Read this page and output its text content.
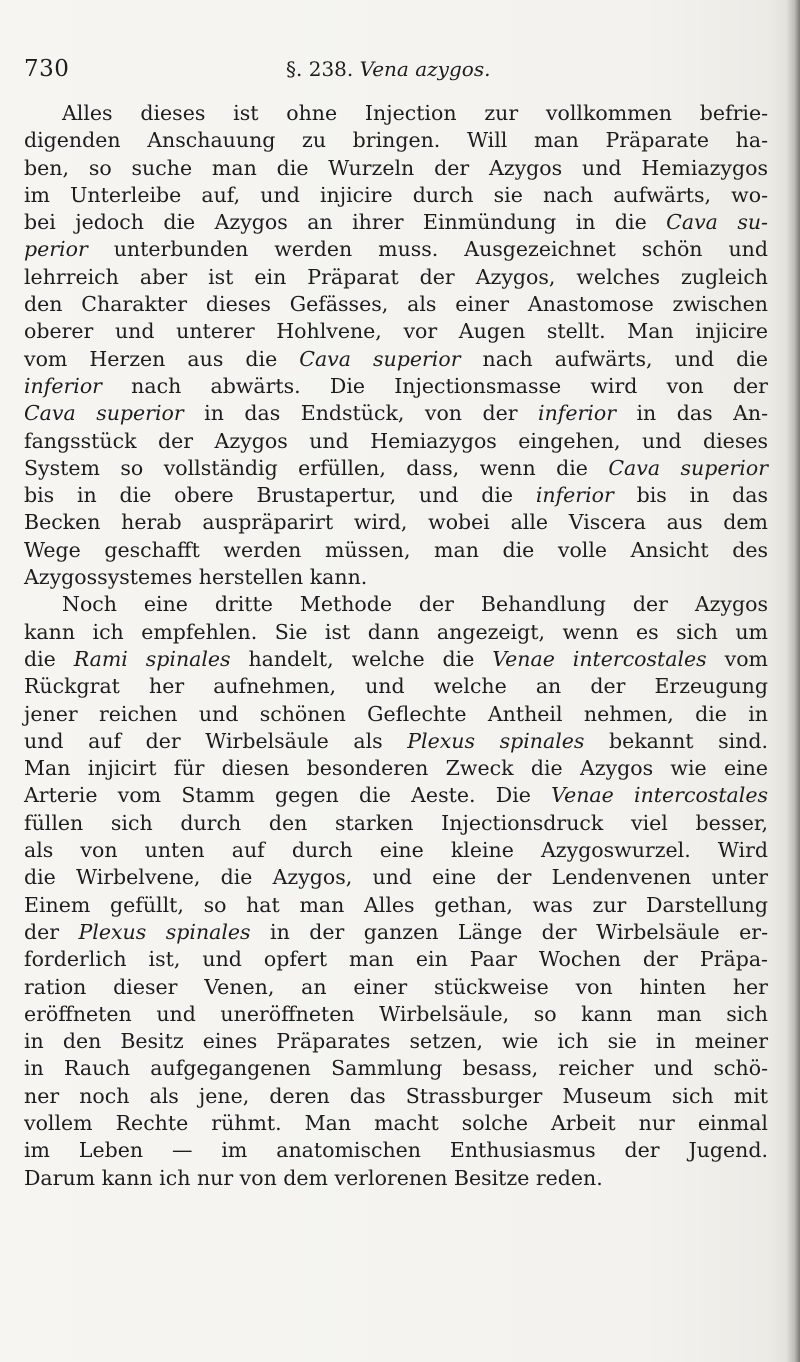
730	§. 238. Vena azygos.
Alles dieses ist ohne Injection zur vollkommen befrie-
digenden Anschauung zu bringen. Will man Präparate ha-
ben, so suche man die Wurzeln der Azygos und Hemiazygos
im Unterleibe auf, und injicire durch sie nach aufwärts, wo-
bei jedoch die Azygos an ihrer Einmündung in die Cava su-
perior unterbunden werden muss. Ausgezeichnet schön und
lehrreich aber ist ein Präparat der Azygos, welches zugleich
den Charakter dieses Gefässes, als einer Anastomose zwischen
oberer und unterer Hohlvene, vor Augen stellt. Man injicire
vom Herzen aus die Cava superior nach aufwärts, und die
inferior nach abwärts. Die Injectionsmasse wird von der
Cava superior in das Endstück, von der inferior in das An-
fangsstück der Azygos und Hemiazygos eingehen, und dieses
System so vollständig erfüllen, dass, wenn die Cava superior
bis in die obere Brustapertur, und die inferior bis in das
Becken herab auspräparirt wird, wobei alle Viscera aus dem
Wege geschafft werden müssen, man die volle Ansicht des
Azygossystemes herstellen kann.
Noch eine dritte Methode der Behandlung der Azygos
kann ich empfehlen. Sie ist dann angezeigt, wenn es sich um
die Rami spinales handelt, welche die Venae intercostales vom
Rückgrat her aufnehmen, und welche an der Erzeugung
jener reichen und schönen Geflechte Antheil nehmen, die in
und auf der Wirbelsäule als Plexus spinales bekannt sind.
Man injicirt für diesen besonderen Zweck die Azygos wie eine
Arterie vom Stamm gegen die Aeste. Die Venae intercostales
füllen sich durch den starken Injectionsdruck viel besser,
als von unten auf durch eine kleine Azygoswurzel. Wird
die Wirbelvene, die Azygos, und eine der Lendenvenen unter
Einem gefüllt, so hat man Alles gethan, was zur Darstellung
der Plexus spinales in der ganzen Länge der Wirbelsäule er-
forderlich ist, und opfert man ein Paar Wochen der Präpa-
ration dieser Venen, an einer stückweise von hinten her
eröffneten und uneröffneten Wirbelsäule, so kann man sich
in den Besitz eines Präparates setzen, wie ich sie in meiner
in Rauch aufgegangenen Sammlung besass, reicher und schö-
ner noch als jene, deren das Strassburger Museum sich mit
vollem Rechte rühmt. Man macht solche Arbeit nur einmal
im Leben — im anatomischen Enthusiasmus der Jugend.
Darum kann ich nur von dem verlorenen Besitze reden.
